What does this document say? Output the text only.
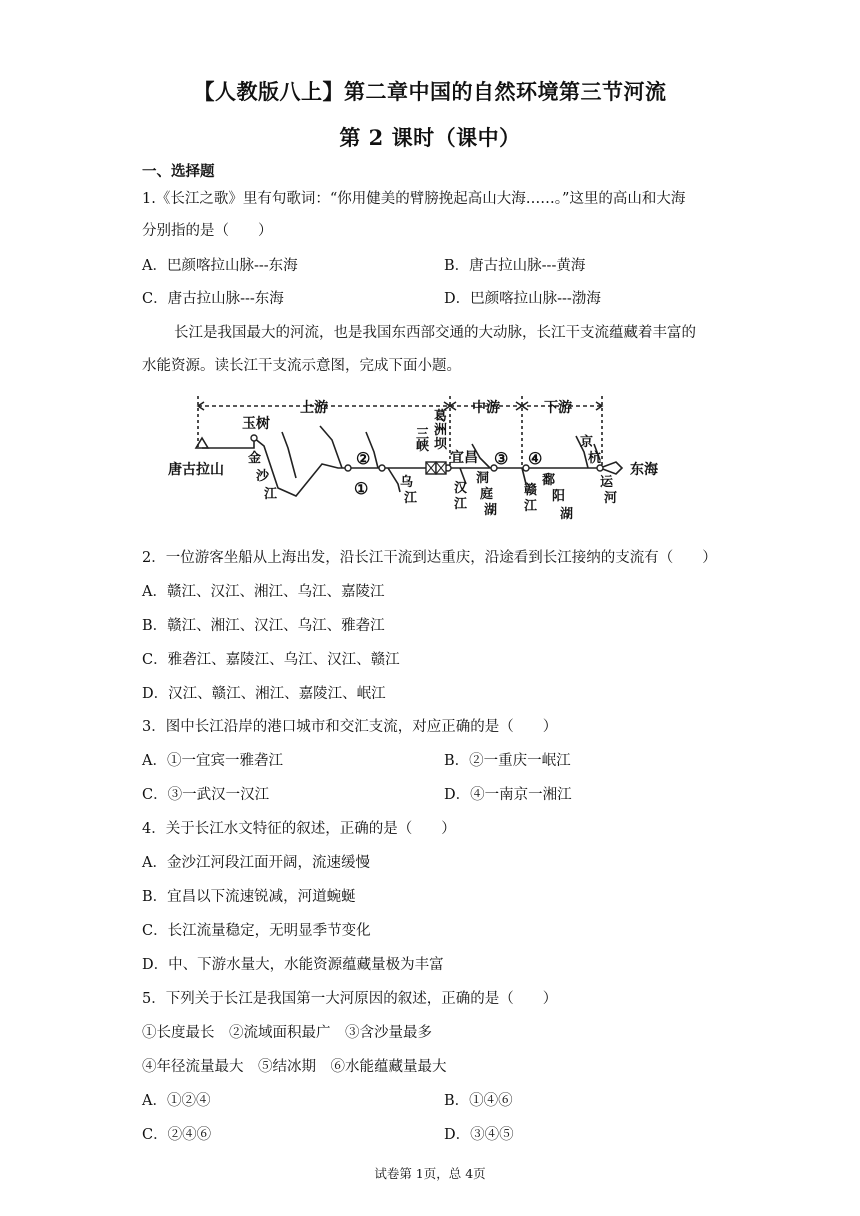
【人教版八上】第二章中国的自然环境第三节河流
第 2 课时（课中）
一、选择题
1.《长江之歌》里有句歌词：“你用健美的臂膀挽起高山大海……。”这里的高山和大海
分别指的是（　　）
A．巴颜喀拉山脉---东海	B．唐古拉山脉---黄海
C．唐古拉山脉---东海	D．巴颜喀拉山脉---渤海
长江是我国最大的河流，也是我国东西部交通的大动脉，长江干支流蕴藏着丰富的
水能资源。读长江干支流示意图，完成下面小题。
上游	中游	下游
唐古拉山
玉树
①
②	③ ④
宜昌
东海
金
沙
江
乌
江
三
峡
葛
洲
坝
汉
江
洞
庭
湖
赣
江
鄱
阳
湖
京
杭
运
河
2．一位游客坐船从上海出发，沿长江干流到达重庆，沿途看到长江接纳的支流有（　　）
A．赣江、汉江、湘江、乌江、嘉陵江
B．赣江、湘江、汉江、乌江、雅砻江
C．雅砻江、嘉陵江、乌江、汉江、赣江
D．汉江、赣江、湘江、嘉陵江、岷江
3．图中长江沿岸的港口城市和交汇支流，对应正确的是（　　）
A．①一宜宾一雅砻江	B．②一重庆一岷江
C．③一武汉一汉江	D．④一南京一湘江
4．关于长江水文特征的叙述，正确的是（　　）
A．金沙江河段江面开阔，流速缓慢
B．宜昌以下流速锐减，河道蜿蜒
C．长江流量稳定，无明显季节变化
D．中、下游水量大，水能资源蕴藏量极为丰富
5．下列关于长江是我国第一大河原因的叙述，正确的是（　　）
①长度最长　②流域面积最广　③含沙量最多
④年径流量最大　⑤结冰期　⑥水能蕴藏量最大
A．①②④	B．①④⑥
C．②④⑥	D．③④⑤
试卷第 1页，总 4页
